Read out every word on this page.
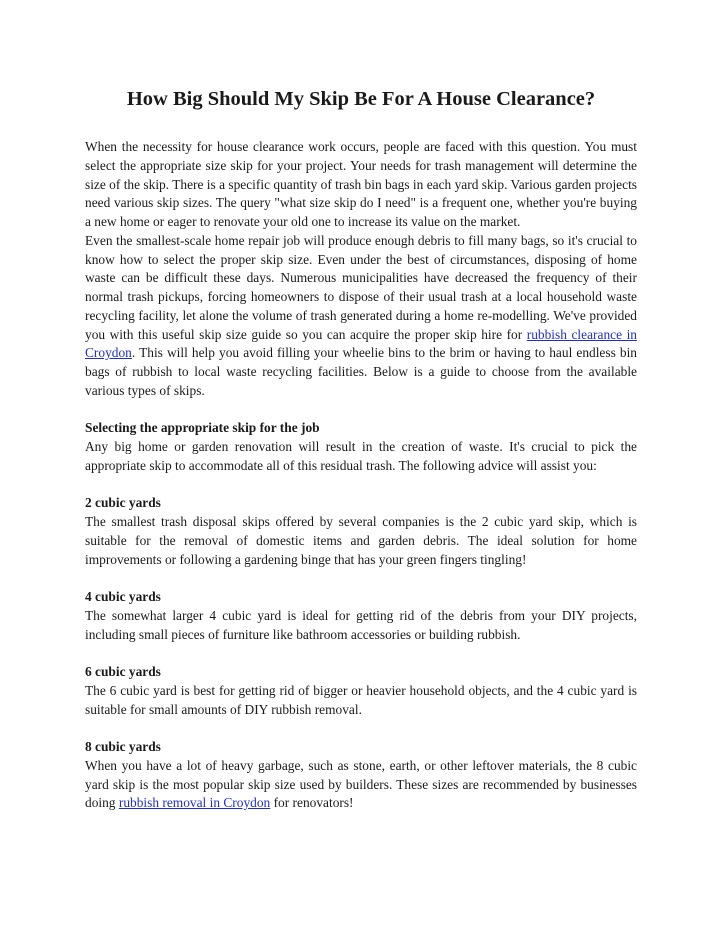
How Big Should My Skip Be For A House Clearance?

When the necessity for house clearance work occurs, people are faced with this question. You must select the appropriate size skip for your project. Your needs for trash management will determine the size of the skip. There is a specific quantity of trash bin bags in each yard skip. Various garden projects need various skip sizes. The query "what size skip do I need" is a frequent one, whether you're buying a new home or eager to renovate your old one to increase its value on the market.

Even the smallest-scale home repair job will produce enough debris to fill many bags, so it's crucial to know how to select the proper skip size. Even under the best of circumstances, disposing of home waste can be difficult these days. Numerous municipalities have decreased the frequency of their normal trash pickups, forcing homeowners to dispose of their usual trash at a local household waste recycling facility, let alone the volume of trash generated during a home re-modelling. We've provided you with this useful skip size guide so you can acquire the proper skip hire for rubbish clearance in Croydon. This will help you avoid filling your wheelie bins to the brim or having to haul endless bin bags of rubbish to local waste recycling facilities. Below is a guide to choose from the available various types of skips.

Selecting the appropriate skip for the job

Any big home or garden renovation will result in the creation of waste. It's crucial to pick the appropriate skip to accommodate all of this residual trash. The following advice will assist you:

2 cubic yards

The smallest trash disposal skips offered by several companies is the 2 cubic yard skip, which is suitable for the removal of domestic items and garden debris. The ideal solution for home improvements or following a gardening binge that has your green fingers tingling!

4 cubic yards

The somewhat larger 4 cubic yard is ideal for getting rid of the debris from your DIY projects, including small pieces of furniture like bathroom accessories or building rubbish.

6 cubic yards

The 6 cubic yard is best for getting rid of bigger or heavier household objects, and the 4 cubic yard is suitable for small amounts of DIY rubbish removal.

8 cubic yards

When you have a lot of heavy garbage, such as stone, earth, or other leftover materials, the 8 cubic yard skip is the most popular skip size used by builders. These sizes are recommended by businesses doing rubbish removal in Croydon for renovators!
